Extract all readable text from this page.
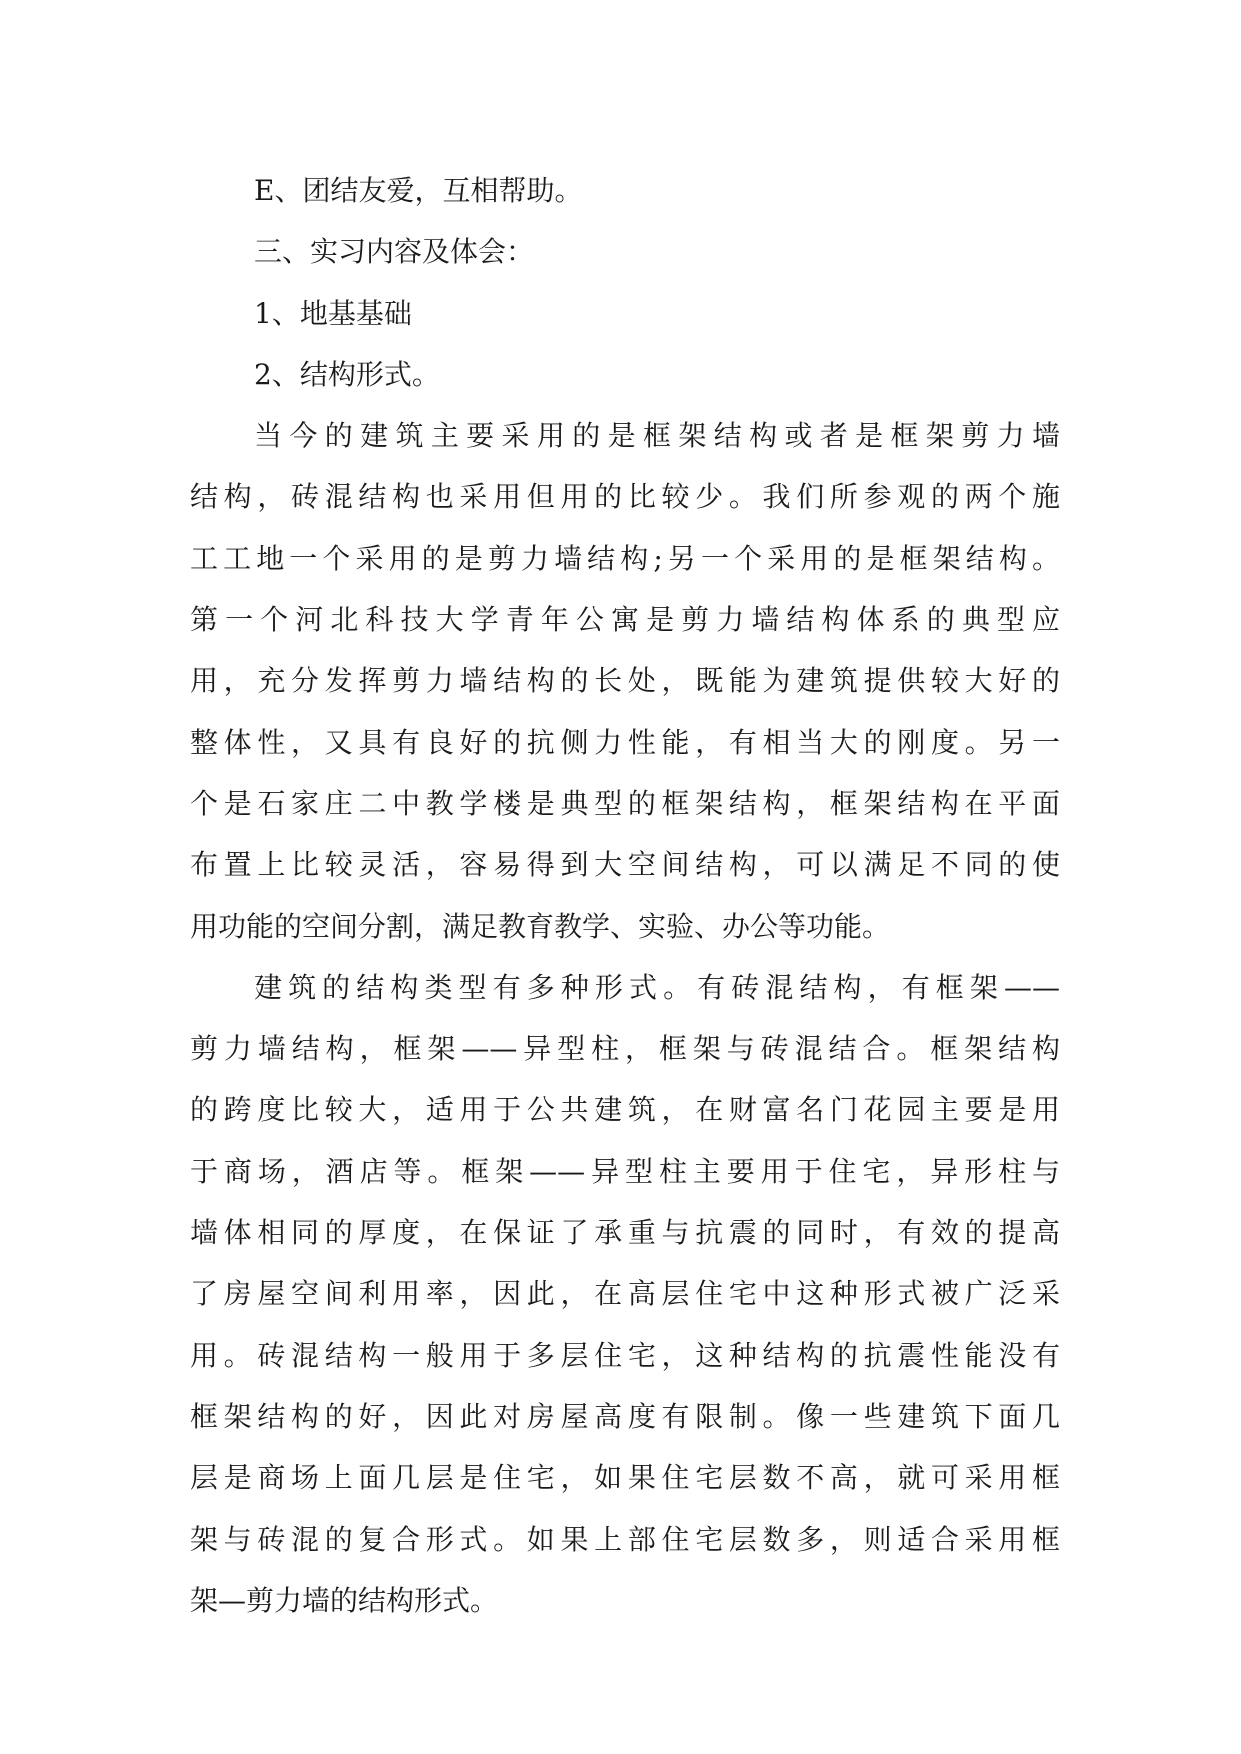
E、团结友爱，互相帮助。
三、实习内容及体会：
1、地基基础
2、结构形式。
当今的建筑主要采用的是框架结构或者是框架剪力墙
结构，砖混结构也采用但用的比较少。我们所参观的两个施
工工地一个采用的是剪力墙结构;另一个采用的是框架结构。
第一个河北科技大学青年公寓是剪力墙结构体系的典型应
用，充分发挥剪力墙结构的长处，既能为建筑提供较大好的
整体性，又具有良好的抗侧力性能，有相当大的刚度。另一
个是石家庄二中教学楼是典型的框架结构，框架结构在平面
布置上比较灵活，容易得到大空间结构，可以满足不同的使
用功能的空间分割，满足教育教学、实验、办公等功能。
建筑的结构类型有多种形式。有砖混结构，有框架——
剪力墙结构，框架——异型柱，框架与砖混结合。框架结构
的跨度比较大，适用于公共建筑，在财富名门花园主要是用
于商场，酒店等。框架——异型柱主要用于住宅，异形柱与
墙体相同的厚度，在保证了承重与抗震的同时，有效的提高
了房屋空间利用率，因此，在高层住宅中这种形式被广泛采
用。砖混结构一般用于多层住宅，这种结构的抗震性能没有
框架结构的好，因此对房屋高度有限制。像一些建筑下面几
层是商场上面几层是住宅，如果住宅层数不高，就可采用框
架与砖混的复合形式。如果上部住宅层数多，则适合采用框
架—剪力墙的结构形式。
